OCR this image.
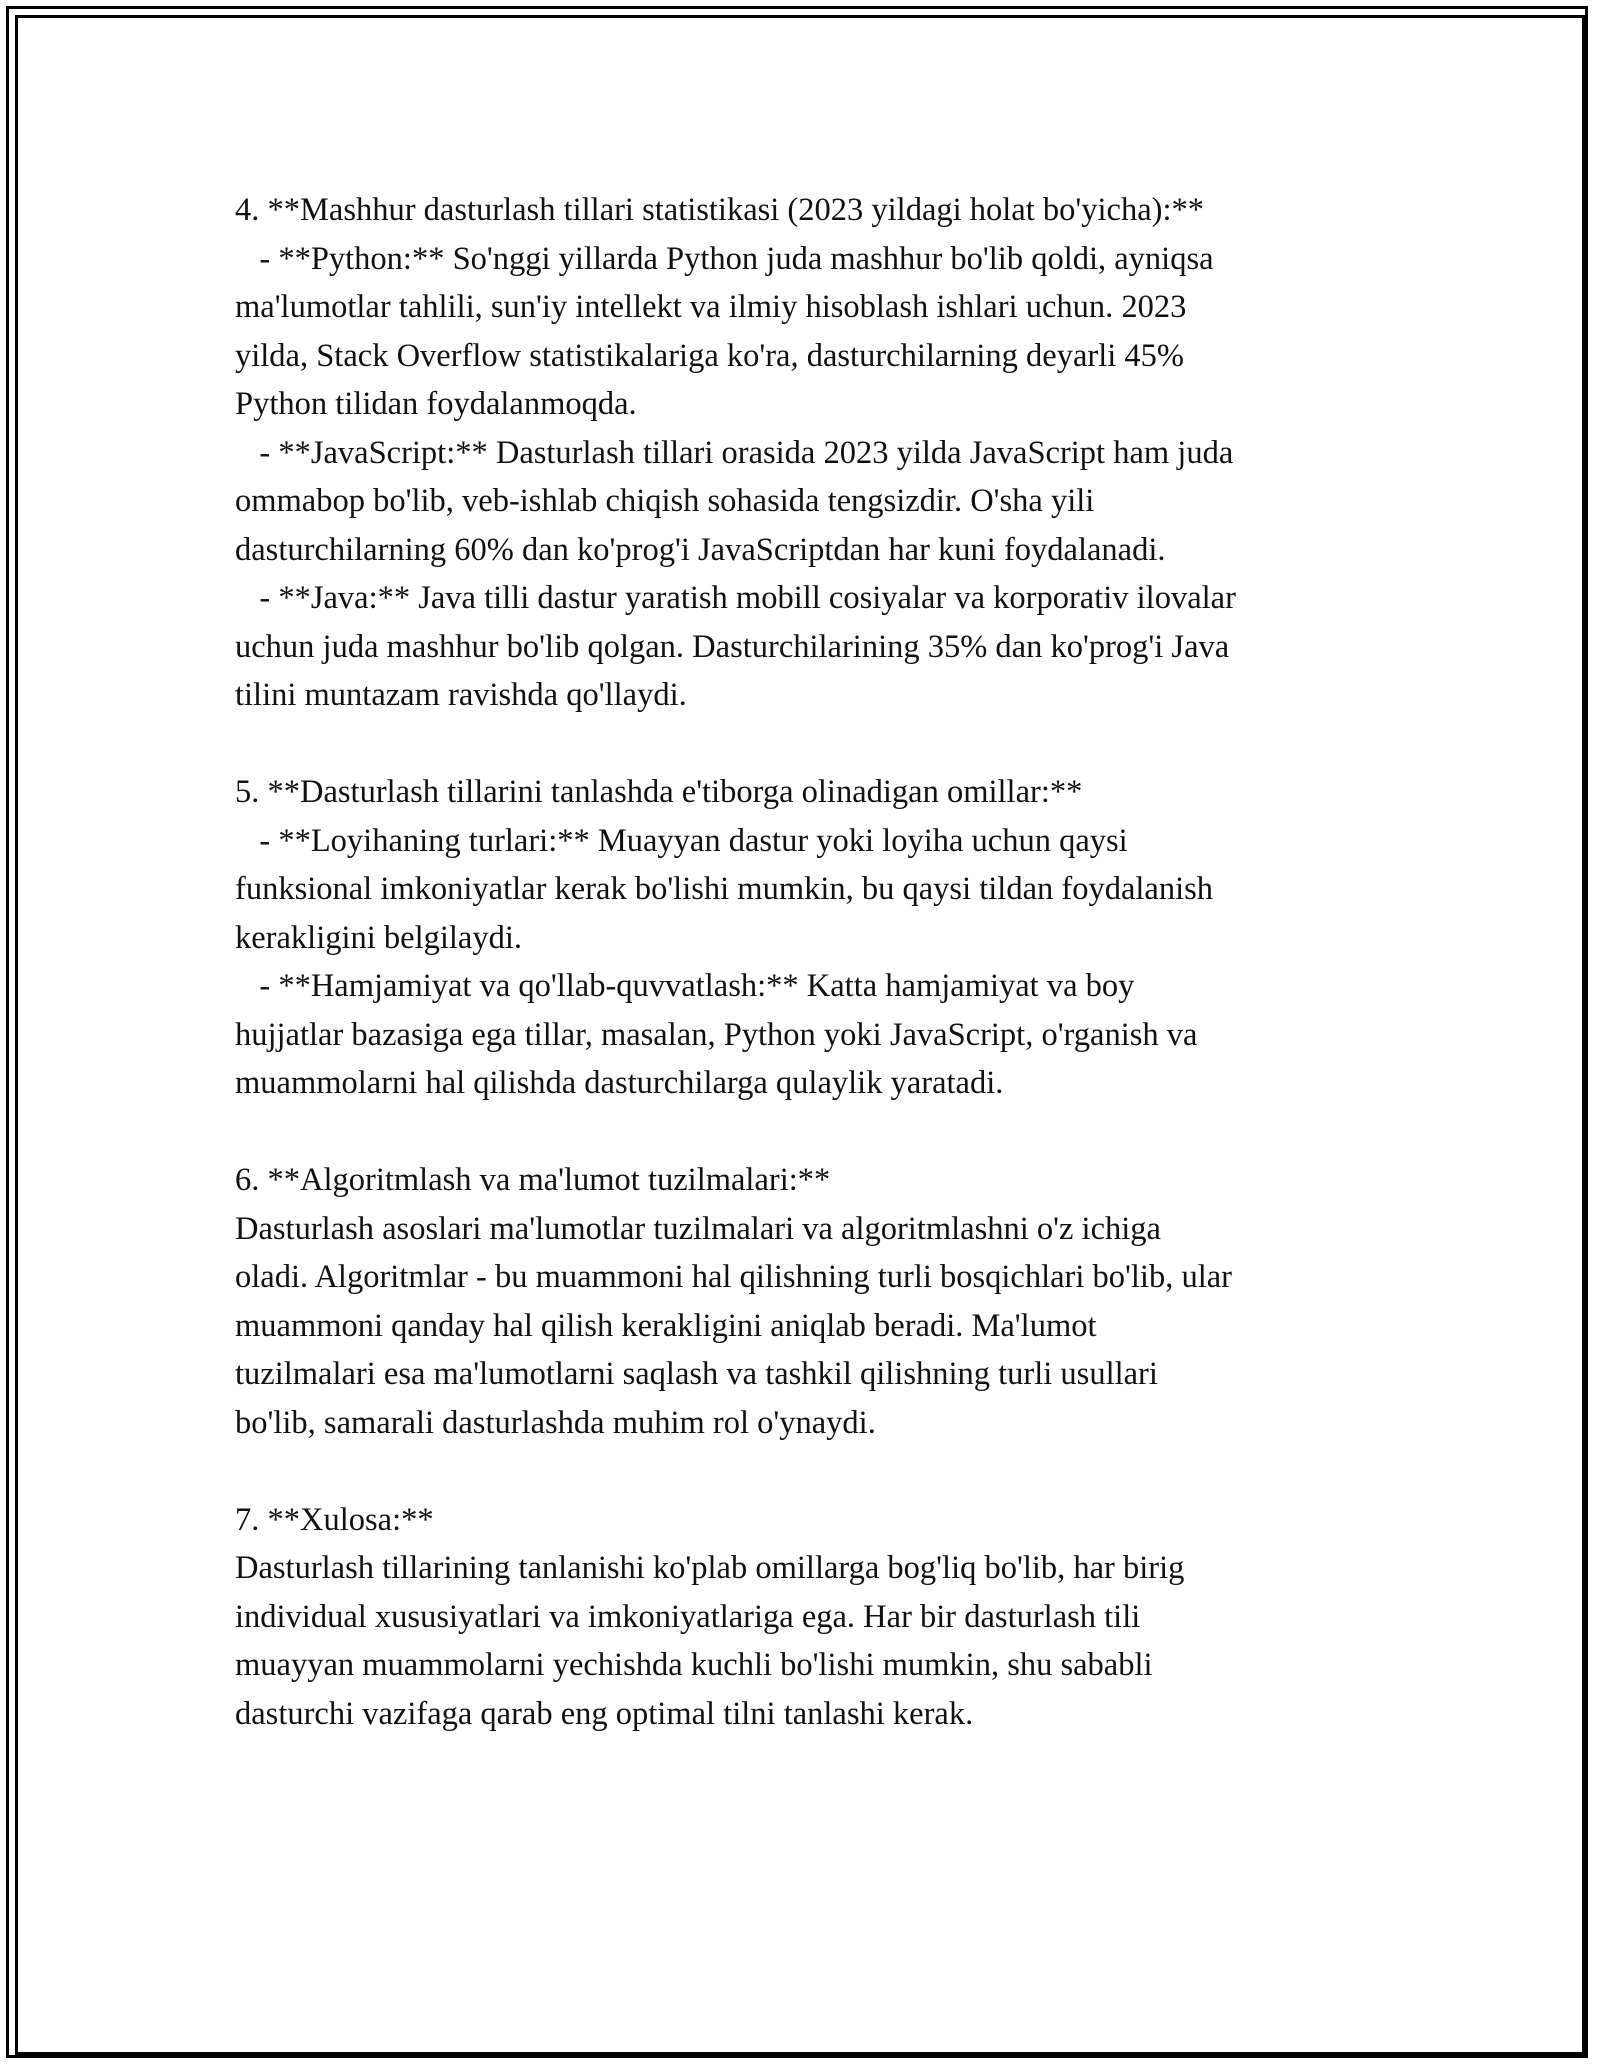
4. **Mashhur dasturlash tillari statistikasi (2023 yildagi holat bo'yicha):**
- **Python:** So'nggi yillarda Python juda mashhur bo'lib qoldi, ayniqsa
ma'lumotlar tahlili, sun'iy intellekt va ilmiy hisoblash ishlari uchun. 2023
yilda, Stack Overflow statistikalariga ko'ra, dasturchilarning deyarli 45%
Python tilidan foydalanmoqda.
- **JavaScript:** Dasturlash tillari orasida 2023 yilda JavaScript ham juda
ommabop bo'lib, veb-ishlab chiqish sohasida tengsizdir. O'sha yili
dasturchilarning 60% dan ko'prog'i JavaScriptdan har kuni foydalanadi.
- **Java:** Java tilli dastur yaratish mobill cosiyalar va korporativ ilovalar
uchun juda mashhur bo'lib qolgan. Dasturchilarining 35% dan ko'prog'i Java
tilini muntazam ravishda qo'llaydi.
5. **Dasturlash tillarini tanlashda e'tiborga olinadigan omillar:**
- **Loyihaning turlari:** Muayyan dastur yoki loyiha uchun qaysi
funksional imkoniyatlar kerak bo'lishi mumkin, bu qaysi tildan foydalanish
kerakligini belgilaydi.
- **Hamjamiyat va qo'llab-quvvatlash:** Katta hamjamiyat va boy
hujjatlar bazasiga ega tillar, masalan, Python yoki JavaScript, o'rganish va
muammolarni hal qilishda dasturchilarga qulaylik yaratadi.
6. **Algoritmlash va ma'lumot tuzilmalari:**
Dasturlash asoslari ma'lumotlar tuzilmalari va algoritmlashni o'z ichiga
oladi. Algoritmlar - bu muammoni hal qilishning turli bosqichlari bo'lib, ular
muammoni qanday hal qilish kerakligini aniqlab beradi. Ma'lumot
tuzilmalari esa ma'lumotlarni saqlash va tashkil qilishning turli usullari
bo'lib, samarali dasturlashda muhim rol o'ynaydi.
7. **Xulosa:**
Dasturlash tillarining tanlanishi ko'plab omillarga bog'liq bo'lib, har birig
individual xususiyatlari va imkoniyatlariga ega. Har bir dasturlash tili
muayyan muammolarni yechishda kuchli bo'lishi mumkin, shu sababli
dasturchi vazifaga qarab eng optimal tilni tanlashi kerak.
